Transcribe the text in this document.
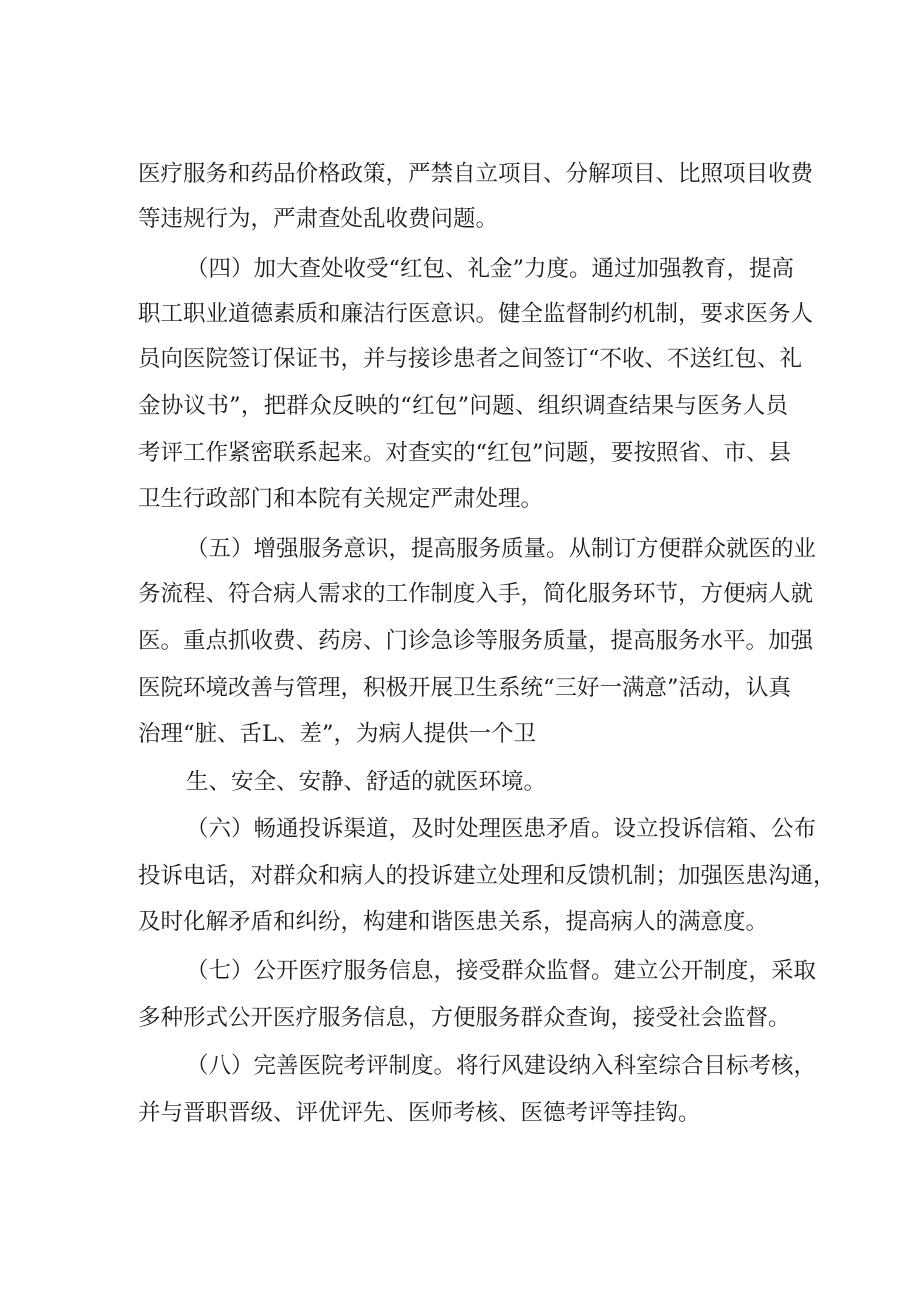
医疗服务和药品价格政策，严禁自立项目、分解项目、比照项目收费
等违规行为，严肃查处乱收费问题。
（四）加大查处收受“红包、礼金”力度。通过加强教育，提高
职工职业道德素质和廉洁行医意识。健全监督制约机制，要求医务人
员向医院签订保证书，并与接诊患者之间签订“不收、不送红包、礼
金协议书”，把群众反映的“红包”问题、组织调查结果与医务人员
考评工作紧密联系起来。对查实的“红包”问题，要按照省、市、县
卫生行政部门和本院有关规定严肃处理。
（五）增强服务意识，提高服务质量。从制订方便群众就医的业
务流程、符合病人需求的工作制度入手，简化服务环节，方便病人就
医。重点抓收费、药房、门诊急诊等服务质量，提高服务水平。加强
医院环境改善与管理，积极开展卫生系统“三好一满意”活动，认真
治理“脏、舌L、差”，为病人提供一个卫
生、安全、安静、舒适的就医环境。
（六）畅通投诉渠道，及时处理医患矛盾。设立投诉信箱、公布
投诉电话，对群众和病人的投诉建立处理和反馈机制；加强医患沟通，
及时化解矛盾和纠纷，构建和谐医患关系，提高病人的满意度。
（七）公开医疗服务信息，接受群众监督。建立公开制度，采取
多种形式公开医疗服务信息，方便服务群众查询，接受社会监督。
（八）完善医院考评制度。将行风建设纳入科室综合目标考核，
并与晋职晋级、评优评先、医师考核、医德考评等挂钩。
